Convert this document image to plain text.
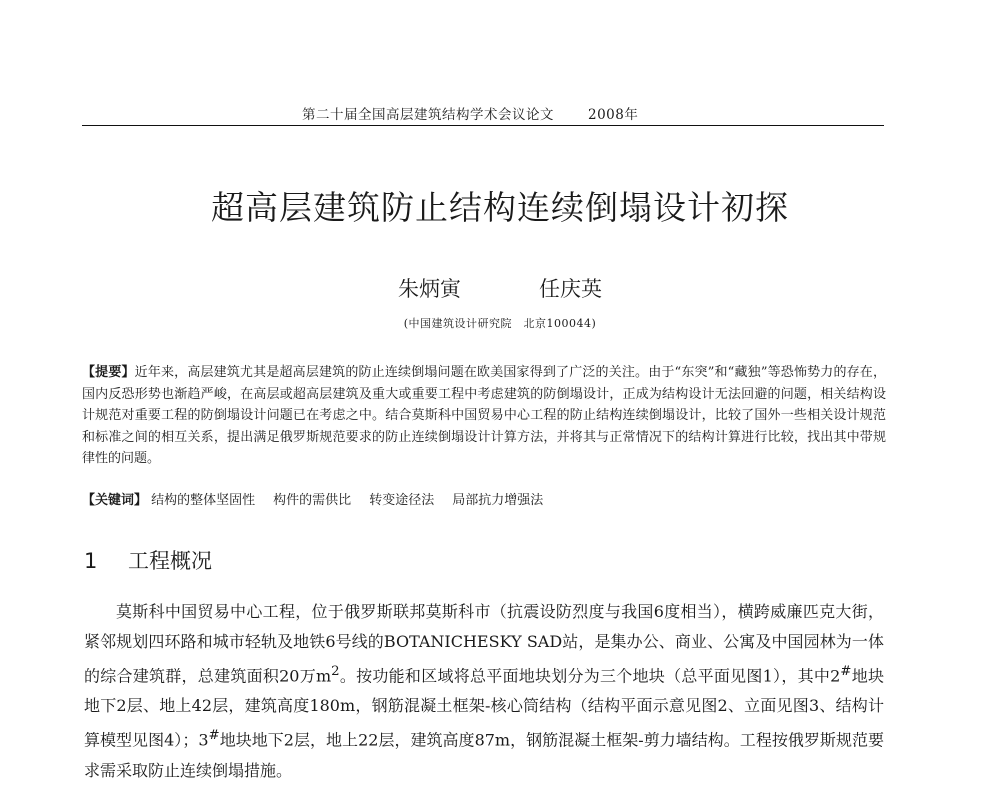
第二十届全国高层建筑结构学术会议论文	2008年
超高层建筑防止结构连续倒塌设计初探
朱炳寅	任庆英
(中国建筑设计研究院　北京100044)

【提要】近年来，高层建筑尤其是超高层建筑的防止连续倒塌问题在欧美国家得到了广泛的关注。由于“东突”和“藏独”等恐怖势力的存在，国内反恐形势也渐趋严峻，在高层或超高层建筑及重大或重要工程中考虑建筑的防倒塌设计，正成为结构设计无法回避的问题，相关结构设计规范对重要工程的防倒塌设计问题已在考虑之中。结合莫斯科中国贸易中心工程的防止结构连续倒塌设计，比较了国外一些相关设计规范和标准之间的相互关系，提出满足俄罗斯规范要求的防止连续倒塌设计计算方法，并将其与正常情况下的结构计算进行比较，找出其中带规律性的问题。

【关键词】 结构的整体坚固性 构件的需供比 转变途径法 局部抗力增强法
1 工程概况

莫斯科中国贸易中心工程，位于俄罗斯联邦莫斯科市（抗震设防烈度与我国6度相当），横跨威廉匹克大街，紧邻规划四环路和城市轻轨及地铁6号线的BOTANICHESKY SAD站，是集办公、商业、公寓及中国园林为一体的综合建筑群，总建筑面积20万$m^2$。按功能和区域将总平面地块划分为三个地块（总平面见图1），其中2#地块地下2层、地上42层，建筑高度180m，钢筋混凝土框架-核心筒结构（结构平面示意见图2、立面见图3、结构计算模型见图4）；3#地块地下2层，地上22层，建筑高度87m，钢筋混凝土框架-剪力墙结构。工程按俄罗斯规范要求需采取防止连续倒塌措施。
